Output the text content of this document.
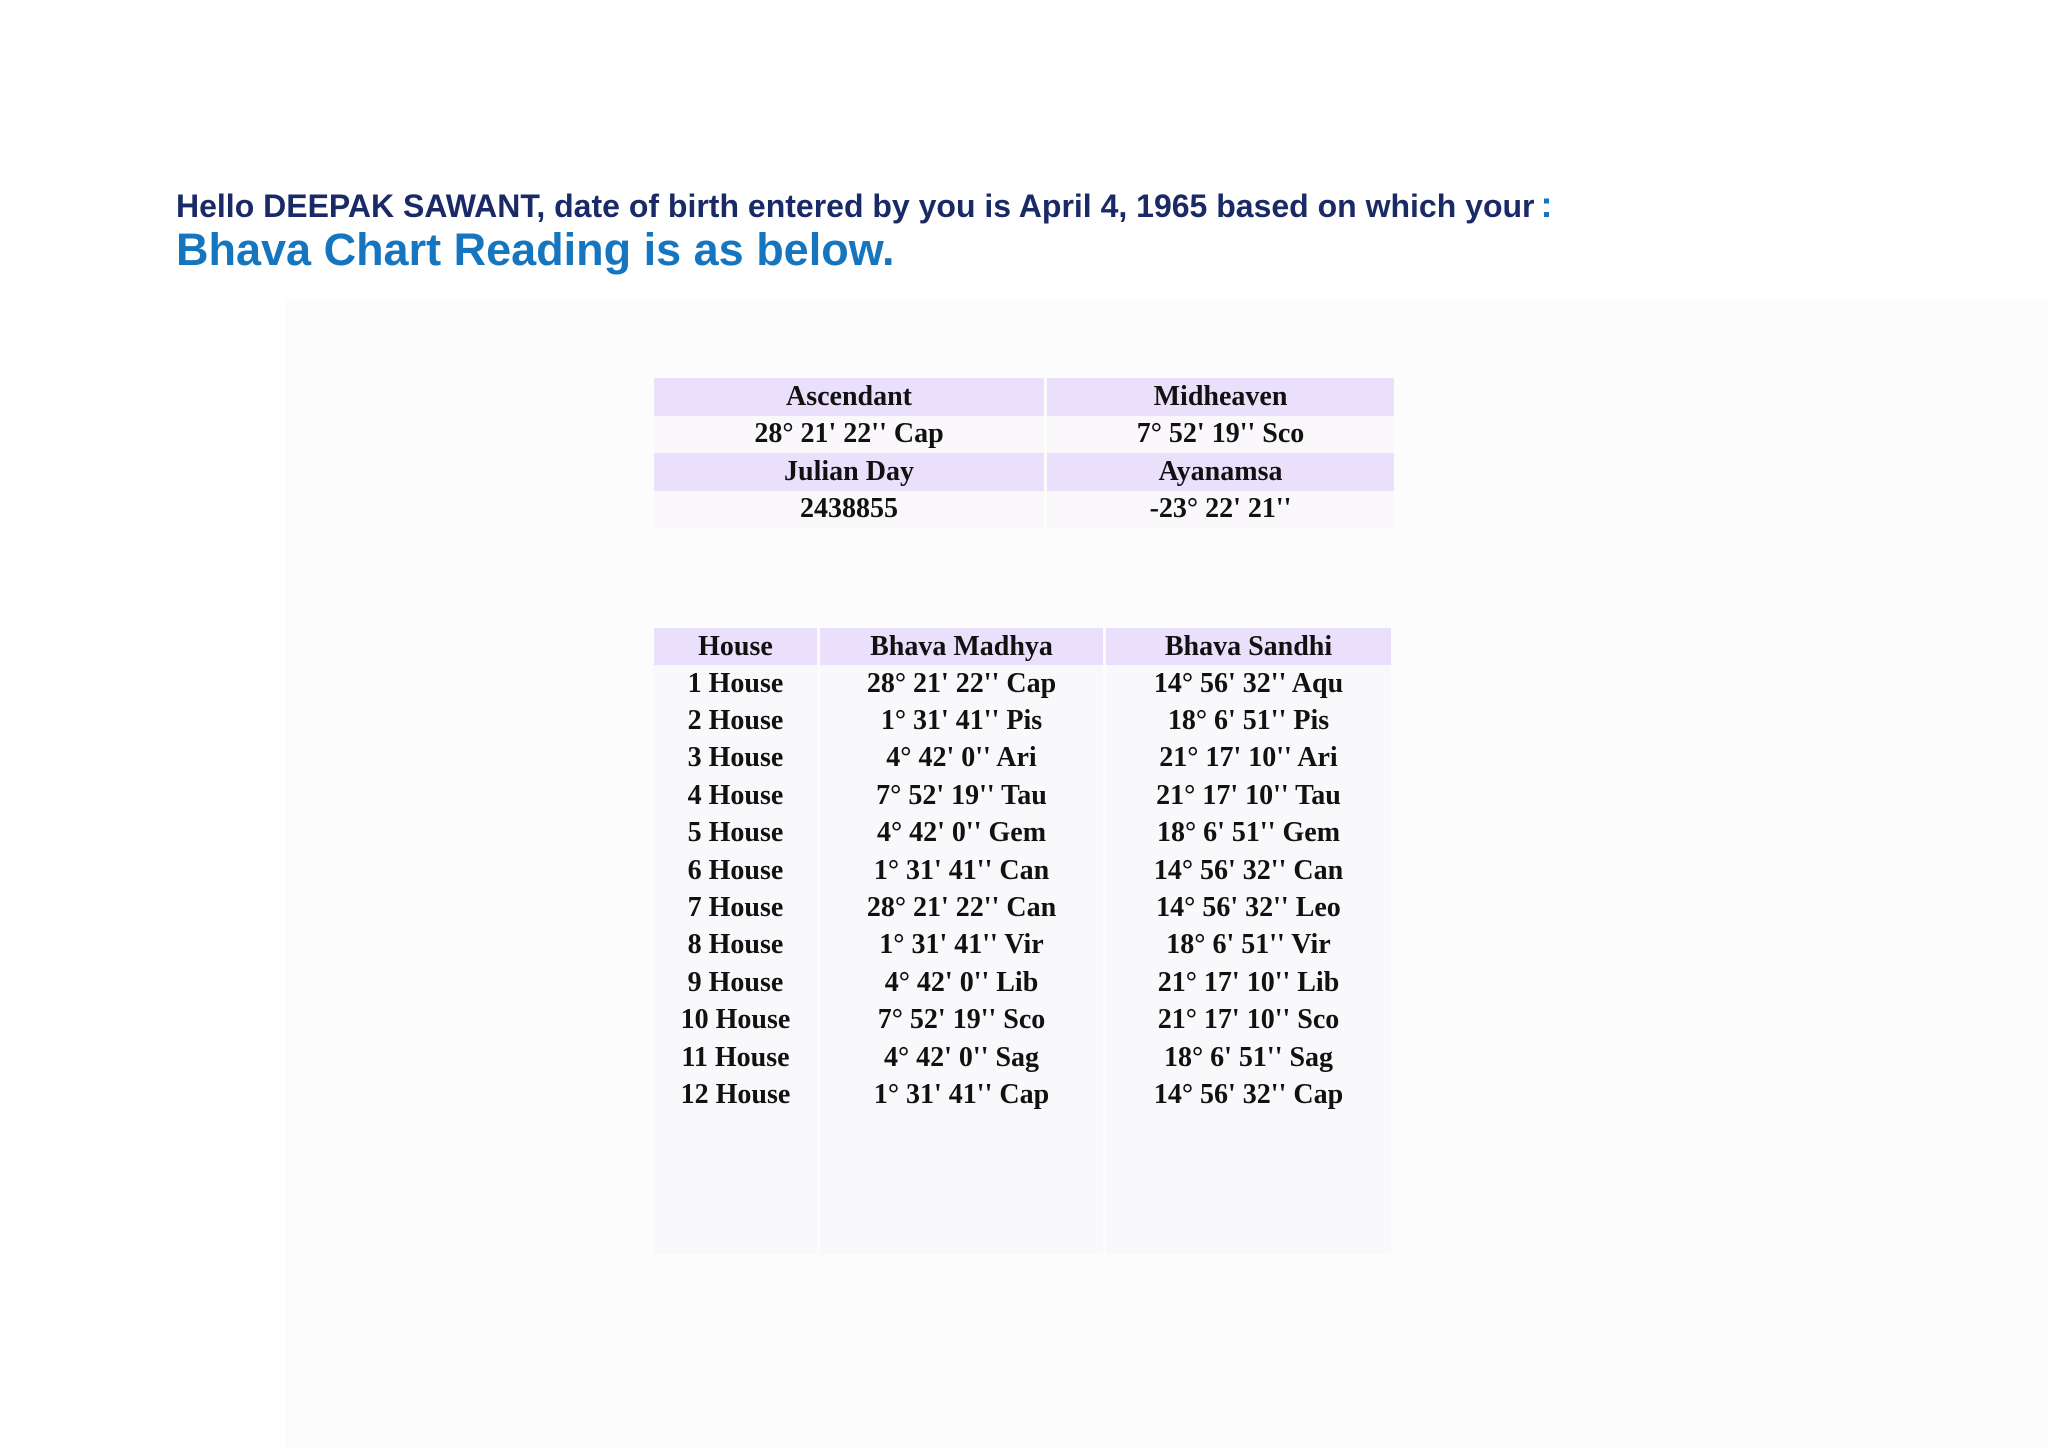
Hello DEEPAK SAWANT, date of birth entered by you is April 4, 1965 based on which your :

Bhava Chart Reading is as below.
Ascendant	Midheaven
28° 21' 22'' Cap	7° 52' 19'' Sco
Julian Day	Ayanamsa
2438855	-23° 22' 21''
House	Bhava Madhya	Bhava Sandhi
1 House	28° 21' 22'' Cap	14° 56' 32'' Aqu
2 House	1° 31' 41'' Pis	18° 6' 51'' Pis
3 House	4° 42' 0'' Ari	21° 17' 10'' Ari
4 House	7° 52' 19'' Tau	21° 17' 10'' Tau
5 House	4° 42' 0'' Gem	18° 6' 51'' Gem
6 House	1° 31' 41'' Can	14° 56' 32'' Can
7 House	28° 21' 22'' Can	14° 56' 32'' Leo
8 House	1° 31' 41'' Vir	18° 6' 51'' Vir
9 House	4° 42' 0'' Lib	21° 17' 10'' Lib
10 House	7° 52' 19'' Sco	21° 17' 10'' Sco
11 House	4° 42' 0'' Sag	18° 6' 51'' Sag
12 House	1° 31' 41'' Cap	14° 56' 32'' Cap
